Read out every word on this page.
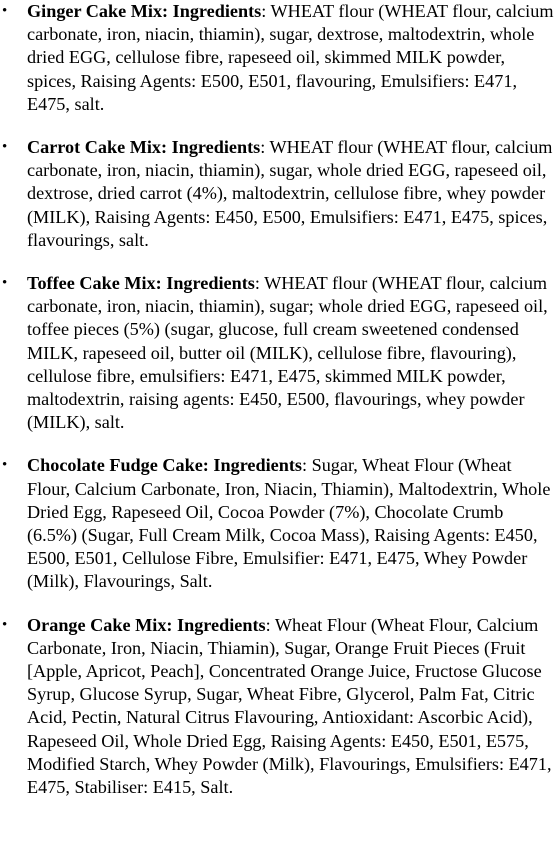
• Ginger Cake Mix: Ingredients: WHEAT flour (WHEAT flour, calcium carbonate, iron, niacin, thiamin), sugar, dextrose, maltodextrin, whole dried EGG, cellulose fibre, rapeseed oil, skimmed MILK powder, spices, Raising Agents: E500, E501, flavouring, Emulsifiers: E471, E475, salt.
• Carrot Cake Mix: Ingredients: WHEAT flour (WHEAT flour, calcium carbonate, iron, niacin, thiamin), sugar, whole dried EGG, rapeseed oil, dextrose, dried carrot (4%), maltodextrin, cellulose fibre, whey powder (MILK), Raising Agents: E450, E500, Emulsifiers: E471, E475, spices, flavourings, salt.
• Toffee Cake Mix: Ingredients: WHEAT flour (WHEAT flour, calcium carbonate, iron, niacin, thiamin), sugar; whole dried EGG, rapeseed oil, toffee pieces (5%) (sugar, glucose, full cream sweetened condensed MILK, rapeseed oil, butter oil (MILK), cellulose fibre, flavouring), cellulose fibre, emulsifiers: E471, E475, skimmed MILK powder, maltodextrin, raising agents: E450, E500, flavourings, whey powder (MILK), salt.
• Chocolate Fudge Cake: Ingredients: Sugar, Wheat Flour (Wheat Flour, Calcium Carbonate, Iron, Niacin, Thiamin), Maltodextrin, Whole Dried Egg, Rapeseed Oil, Cocoa Powder (7%), Chocolate Crumb (6.5%) (Sugar, Full Cream Milk, Cocoa Mass), Raising Agents: E450, E500, E501, Cellulose Fibre, Emulsifier: E471, E475, Whey Powder (Milk), Flavourings, Salt.
• Orange Cake Mix: Ingredients: Wheat Flour (Wheat Flour, Calcium Carbonate, Iron, Niacin, Thiamin), Sugar, Orange Fruit Pieces (Fruit [Apple, Apricot, Peach], Concentrated Orange Juice, Fructose Glucose Syrup, Glucose Syrup, Sugar, Wheat Fibre, Glycerol, Palm Fat, Citric Acid, Pectin, Natural Citrus Flavouring, Antioxidant: Ascorbic Acid), Rapeseed Oil, Whole Dried Egg, Raising Agents: E450, E501, E575, Modified Starch, Whey Powder (Milk), Flavourings, Emulsifiers: E471, E475, Stabiliser: E415, Salt.
